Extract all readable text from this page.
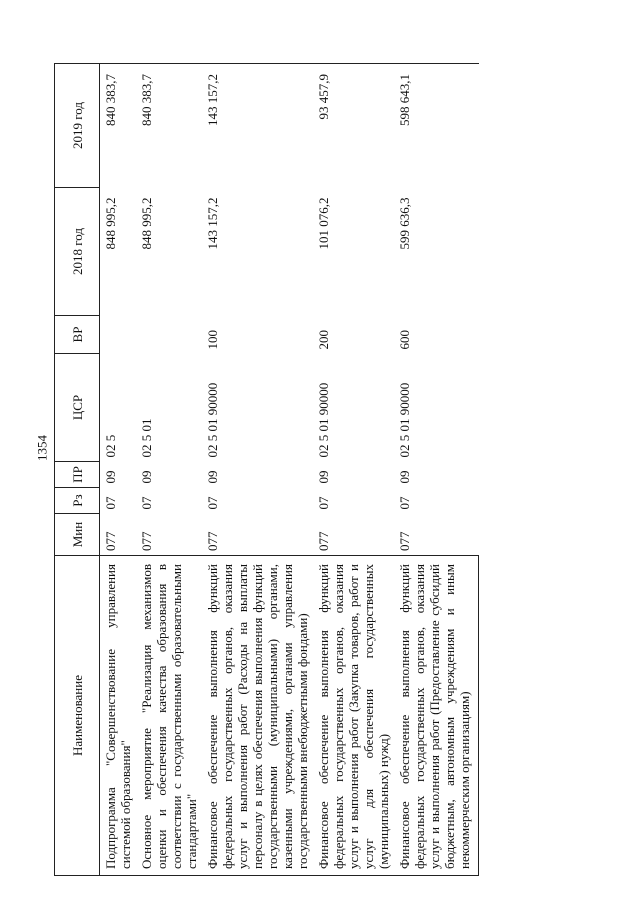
1354
Наименование	Мин	Рз	ПР	ЦСР	ВР	2018 год	2019 год
Подпрограмма "Совершенствование управления системой образования"	077	07	09	02 5		848 995,2	840 383,7
Основное мероприятие "Реализация механизмов оценки и обеспечения качества образования в соответствии с государственными образовательными стандартами"	077	07	09	02 5 01		848 995,2	840 383,7
Финансовое обеспечение выполнения функций федеральных государственных органов, оказания услуг и выполнения работ (Расходы на выплаты персоналу в целях обеспечения выполнения функций государственными (муниципальными) органами, казенными учреждениями, органами управления государственными внебюджетными фондами)	077	07	09	02 5 01 90000	100	143 157,2	143 157,2
Финансовое обеспечение выполнения функций федеральных государственных органов, оказания услуг и выполнения работ (Закупка товаров, работ и услуг для обеспечения государственных (муниципальных) нужд)	077	07	09	02 5 01 90000	200	101 076,2	93 457,9
Финансовое обеспечение выполнения функций федеральных государственных органов, оказания услуг и выполнения работ (Предоставление субсидий бюджетным, автономным учреждениям и иным некоммерческим организациям)	077	07	09	02 5 01 90000	600	599 636,3	598 643,1
